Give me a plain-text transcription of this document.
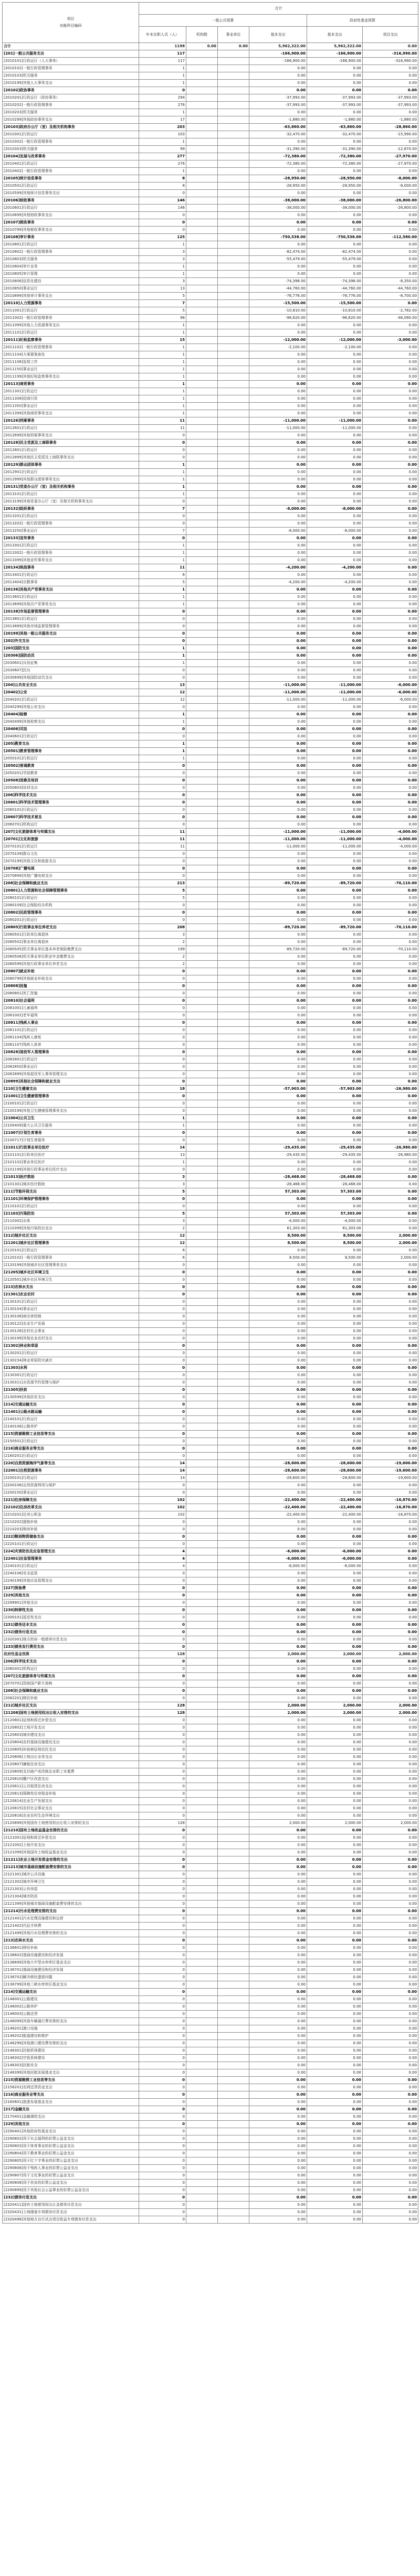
项目
功能科目编码	合计					
	一般公共预算				政府性基金预算	
	年末在职人员（人）	机构数	事业单位	基本支出	基本支出	项目支出
合计	1198	0.00	0.00	5,962,322.00	5,962,322.00	0.00
[201]一般公共服务支出	117			-166,900.00	-166,900.00	-316,990.00
[2010101]行政运行（人大事务）	117			-166,900.00	-166,900.00	-316,990.00
[2010102]一般行政管理事务	1			0.00	0.00	0.00
[2010103]机关服务	1			0.00	0.00	0.00
[2010199]其他人大事务支出	1			0.00	0.00	0.00
[20102]政协事务	0			0.00	0.00	0.00
[2010201]行政运行（政协事务）	294			-37,993.00	-37,993.00	-37,993.00
[2010202]一般行政管理事务	276			-37,993.00	-37,993.00	-37,993.00
[2010203]机关服务	1			0.00	0.00	0.00
[2010299]其他政协事务支出	17			-1,880.00	-1,880.00	-1,880.00
[20103]政府办公厅（室）及相关机构事务	203			-63,860.00	-63,860.00	-28,860.00
[2010301]行政运行	103			-32,470.00	-32,470.00	-15,990.00
[2010302]一般行政管理事务	1			0.00	0.00	0.00
[2010303]机关服务	99			-31,390.00	-31,390.00	-12,870.00
[20104]发展与改革事务	277			-72,380.00	-72,380.00	-27,970.00
[2010401]行政运行	276			-72,380.00	-72,380.00	-27,970.00
[2010402]一般行政管理事务	1			0.00	0.00	0.00
[20105]统计信息事务	8			-28,950.00	-28,950.00	-8,000.00
[2010501]行政运行	8			-28,950.00	-28,950.00	-8,000.00
[2010599]其他统计信息事务支出	0			0.00	0.00	0.00
[20106]财政事务	146			-38,000.00	-38,000.00	-26,800.00
[2010601]行政运行	146			-38,000.00	-38,000.00	-26,800.00
[2010699]其他财政事务支出	0			0.00	0.00	0.00
[20107]税收事务	0			0.00	0.00	0.00
[2010799]其他税收事务支出	0			0.00	0.00	0.00
[20108]审计事务	125			-750,538.00	-750,538.00	-112,580.00
[2010801]行政运行	1			0.00	0.00	0.00
[2010802]一般行政管理事务	3			-82,474.00	-82,474.00	0.00
[2010803]机关服务	3			-55,479.00	-55,479.00	0.00
[2010804]审计业务	1			0.00	0.00	0.00
[2010805]审计管理	1			0.00	0.00	0.00
[2010806]信息化建设	3			-74,398.00	-74,398.00	-8,350.00
[2010850]事业运行	13			-44,760.00	-44,760.00	-44,760.00
[2010899]其他审计事务支出	5			-76,776.00	-76,776.00	-8,700.00
[20110]人力资源事务	7			-15,500.00	-15,500.00	0.00
[2011001]行政运行	5			-10,810.00	-10,810.00	-2,782.00
[2011002]一般行政管理事务	98			-96,620.00	-96,620.00	-46,090.00
[2011099]其他人力资源事务支出	1			0.00	0.00	0.00
[2011101]行政运行	1			0.00	0.00	0.00
[20111]纪检监察事务	15			-12,000.00	-12,000.00	-3,000.00
[2011102]一般行政管理事务	1			-2,100.00	-2,100.00	0.00
[2011104]大案要案查处	1			0.00	0.00	0.00
[2011106]巡视工作	1			0.00	0.00	0.00
[2011150]事业运行	1			0.00	0.00	0.00
[2011199]其他纪检监察事务支出	1			0.00	0.00	0.00
[20113]商贸事务	1			0.00	0.00	0.00
[2011301]行政运行	1			0.00	0.00	0.00
[2011308]招商引资	1			0.00	0.00	0.00
[2011350]事业运行	1			0.00	0.00	0.00
[2011399]其他商贸事务支出	1			0.00	0.00	0.00
[20126]档案事务	11			-11,000.00	-11,000.00	0.00
[2012601]行政运行	11			-11,000.00	-11,000.00	0.00
[2012699]其他档案事务支出	0			0.00	0.00	0.00
[20128]民主党派及工商联事务	0			0.00	0.00	0.00
[2012801]行政运行	0			0.00	0.00	0.00
[2012899]其他民主党派及工商联事务支出	0			0.00	0.00	0.00
[20129]群众团体事务	1			0.00	0.00	0.00
[2012901]行政运行	1			0.00	0.00	0.00
[2012999]其他群众团体事务支出	1			0.00	0.00	0.00
[20131]党委办公厅（室）及相关机构事务	1			0.00	0.00	0.00
[2013101]行政运行	1			0.00	0.00	0.00
[2013199]其他党委办公厅（室）及相关机构事务支出	0			0.00	0.00	0.00
[20132]组织事务	7			-8,000.00	-8,000.00	0.00
[2013201]行政运行	0			0.00	0.00	0.00
[2013202]一般行政管理事务	0			0.00	0.00	0.00
[2013250]事业运行	7			-8,000.00	-8,000.00	0.00
[20133]宣传事务	0			0.00	0.00	0.00
[2013301]行政运行	1			0.00	0.00	0.00
[2013302]一般行政管理事务	1			0.00	0.00	0.00
[2013399]其他宣传事务支出	1			0.00	0.00	0.00
[20134]统战事务	11			-4,200.00	-4,200.00	0.00
[2013401]行政运行	6			0.00	0.00	0.00
[2013404]宗教事务	5			-4,200.00	-4,200.00	0.00
[20136]其他共产党事务支出	1			0.00	0.00	0.00
[2013601]行政运行	1			0.00	0.00	0.00
[2013699]其他共产党事务支出	1			0.00	0.00	0.00
[20138]市场监督管理事务	0			0.00	0.00	0.00
[2013801]行政运行	0			0.00	0.00	0.00
[2013899]其他市场监督管理事务	0			0.00	0.00	0.00
[20199]其他一般公共服务支出	0			0.00	0.00	0.00
[202]外交支出	0			0.00	0.00	0.00
[203]国防支出	1			0.00	0.00	0.00
[20306]国防动员	1			0.00	0.00	0.00
[2030601]兵役征集	1			0.00	0.00	0.00
[2030607]民兵	0			0.00	0.00	0.00
[2030699]其他国防动员支出	0			0.00	0.00	0.00
[204]公共安全支出	13			-11,000.00	-11,000.00	-6,000.00
[20402]公安	12			-11,000.00	-11,000.00	-6,000.00
[2040201]行政运行	12			-11,000.00	-11,000.00	-6,000.00
[2040299]其他公安支出	0			0.00	0.00	0.00
[20404]检察	1			0.00	0.00	0.00
[2040499]其他检察支出	1			0.00	0.00	0.00
[20406]司法	0			0.00	0.00	0.00
[2040601]行政运行	0			0.00	0.00	0.00
[205]教育支出	1			0.00	0.00	0.00
[20501]教育管理事务	1			0.00	0.00	0.00
[2050101]行政运行	1			0.00	0.00	0.00
[20502]普通教育	0			0.00	0.00	0.00
[2050201]学前教育	0			0.00	0.00	0.00
[20508]进修及培训	0			0.00	0.00	0.00
[2050803]培训支出	0			0.00	0.00	0.00
[206]科学技术支出	0			0.00	0.00	0.00
[20601]科学技术管理事务	0			0.00	0.00	0.00
[2060101]行政运行	0			0.00	0.00	0.00
[20607]科学技术普及	0			0.00	0.00	0.00
[2060701]机构运行	0			0.00	0.00	0.00
[207]文化旅游体育与传媒支出	11			-11,000.00	-11,000.00	-4,000.00
[20701]文化和旅游	11			-11,000.00	-11,000.00	-4,000.00
[2070101]行政运行	11			-11,000.00	-11,000.00	-4,000.00
[2070109]群众文化	0			0.00	0.00	0.00
[2070199]其他文化和旅游支出	0			0.00	0.00	0.00
[20708]广播电视	0			0.00	0.00	0.00
[2070899]其他广播电视支出	0			0.00	0.00	0.00
[208]社会保障和就业支出	213			-89,720.00	-89,720.00	-70,110.00
[20801]人力资源和社会保障管理事务	5			0.00	0.00	0.00
[2080101]行政运行	5			0.00	0.00	0.00
[2080109]社会保险经办机构	0			0.00	0.00	0.00
[20802]民政管理事务	0			0.00	0.00	0.00
[2080201]行政运行	0			0.00	0.00	0.00
[20805]行政事业单位养老支出	208			-89,720.00	-89,720.00	-70,110.00
[2080501]行政单位离退休	3			0.00	0.00	0.00
[2080502]事业单位离退休	2			0.00	0.00	0.00
[2080505]机关事业单位基本养老保险缴费支出	199			-89,720.00	-89,720.00	-70,110.00
[2080506]机关事业单位职业年金缴费支出	2			0.00	0.00	0.00
[2080599]其他行政事业单位养老支出	2			0.00	0.00	0.00
[20807]就业补助	0			0.00	0.00	0.00
[2080799]其他就业补助支出	0			0.00	0.00	0.00
[20808]抚恤	0			0.00	0.00	0.00
[2080801]死亡抚恤	0			0.00	0.00	0.00
[20810]社会福利	0			0.00	0.00	0.00
[2081001]儿童福利	0			0.00	0.00	0.00
[2081002]老年福利	0			0.00	0.00	0.00
[20811]残疾人事业	0			0.00	0.00	0.00
[2081101]行政运行	0			0.00	0.00	0.00
[2081104]残疾人康复	0			0.00	0.00	0.00
[2081107]残疾人体育	0			0.00	0.00	0.00
[20828]退役军人管理事务	0			0.00	0.00	0.00
[2082801]行政运行	0			0.00	0.00	0.00
[2082850]事业运行	0			0.00	0.00	0.00
[2082899]其他退役军人事务管理支出	0			0.00	0.00	0.00
[20899]其他社会保障和就业支出	0			0.00	0.00	0.00
[210]卫生健康支出	18			-57,903.00	-57,903.00	-26,980.00
[21001]卫生健康管理事务	0			0.00	0.00	0.00
[2100101]行政运行	0			0.00	0.00	0.00
[2100199]其他卫生健康管理事务支出	0			0.00	0.00	0.00
[21004]公共卫生	1			0.00	0.00	0.00
[2100409]重大公共卫生服务	1			0.00	0.00	0.00
[21007]计划生育事务	0			0.00	0.00	0.00
[2100717]计划生育服务	0			0.00	0.00	0.00
[21011]行政事业单位医疗	14			-29,435.00	-29,435.00	-26,980.00
[2101101]行政单位医疗	13			-29,435.00	-29,435.00	-26,980.00
[2101102]事业单位医疗	1			0.00	0.00	0.00
[2101199]其他行政事业单位医疗支出	0			0.00	0.00	0.00
[21013]医疗救助	3			-28,468.00	-28,468.00	0.00
[2101301]城乡医疗救助	3			-28,468.00	-28,468.00	0.00
[211]节能环保支出	5			57,303.00	57,303.00	0.00
[21101]环境保护管理事务	0			0.00	0.00	0.00
[2110101]行政运行	0			0.00	0.00	0.00
[21103]污染防治	5			57,303.00	57,303.00	0.00
[2110302]水体	3			-4,000.00	-4,000.00	0.00
[2110399]其他污染防治支出	2			61,303.00	61,303.00	0.00
[212]城乡社区支出	12			8,500.00	8,500.00	2,000.00
[21201]城乡社区管理事务	12			8,500.00	8,500.00	2,000.00
[2120101]行政运行	6			0.00	0.00	0.00
[2120102]一般行政管理事务	6			8,500.00	8,500.00	2,000.00
[2120199]其他城乡社区管理事务支出	0			0.00	0.00	0.00
[21205]城乡社区环境卫生	0			0.00	0.00	0.00
[2120501]城乡社区环境卫生	0			0.00	0.00	0.00
[213]农林水支出	0			0.00	0.00	0.00
[21301]农业农村	0			0.00	0.00	0.00
[2130101]行政运行	0			0.00	0.00	0.00
[2130104]事业运行	0			0.00	0.00	0.00
[2130108]病虫害控制	0			0.00	0.00	0.00
[2130122]农业生产发展	0			0.00	0.00	0.00
[2130126]农村社会事业	0			0.00	0.00	0.00
[2130199]其他农业农村支出	0			0.00	0.00	0.00
[21302]林业和草原	0			0.00	0.00	0.00
[2130201]行政运行	0			0.00	0.00	0.00
[2130234]林业草原防灾减灾	0			0.00	0.00	0.00
[21303]水利	0			0.00	0.00	0.00
[2130301]行政运行	0			0.00	0.00	0.00
[2130311]水资源节约管理与保护	0			0.00	0.00	0.00
[21305]扶贫	0			0.00	0.00	0.00
[2130599]其他扶贫支出	0			0.00	0.00	0.00
[214]交通运输支出	0			0.00	0.00	0.00
[21401]公路水路运输	0			0.00	0.00	0.00
[2140101]行政运行	0			0.00	0.00	0.00
[2140106]公路养护	0			0.00	0.00	0.00
[215]资源勘探工业信息等支出	0			0.00	0.00	0.00
[2150501]行政运行	0			0.00	0.00	0.00
[216]商业服务业等支出	0			0.00	0.00	0.00
[2160201]行政运行	0			0.00	0.00	0.00
[220]自然资源海洋气象等支出	14			-28,600.00	-28,600.00	-19,600.00
[22001]自然资源事务	14			-28,600.00	-28,600.00	-19,600.00
[2200101]行政运行	14			-28,600.00	-28,600.00	-19,600.00
[2200106]自然资源利用与保护	0			0.00	0.00	0.00
[2200150]事业运行	0			0.00	0.00	0.00
[221]住房保障支出	102			-22,400.00	-22,400.00	-16,870.00
[22102]住房改革支出	102			-22,400.00	-22,400.00	-16,870.00
[2210201]住房公积金	102			-22,400.00	-22,400.00	-16,870.00
[2210202]提租补贴	0			0.00	0.00	0.00
[2210203]购房补贴	0			0.00	0.00	0.00
[222]粮油物资储备支出	0			0.00	0.00	0.00
[2220101]行政运行	0			0.00	0.00	0.00
[224]灾害防治及应急管理支出	4			-6,000.00	-6,000.00	0.00
[22401]应急管理事务	4			-6,000.00	-6,000.00	0.00
[2240101]行政运行	4			-6,000.00	-6,000.00	0.00
[2240106]安全监管	0			0.00	0.00	0.00
[2240199]其他应急管理支出	0			0.00	0.00	0.00
[227]预备费	0			0.00	0.00	0.00
[229]其他支出	0			0.00	0.00	0.00
[2299901]其他支出	0			0.00	0.00	0.00
[230]转移性支出	0			0.00	0.00	0.00
[2300101]返还性支出	0			0.00	0.00	0.00
[231]债务还本支出	0			0.00	0.00	0.00
[232]债务付息支出	0			0.00	0.00	0.00
[2320301]地方政府一般债务付息支出	0			0.00	0.00	0.00
[233]债务发行费用支出	0			0.00	0.00	0.00
政府性基金预算	128			2,000.00	2,000.00	2,000.00
[206]科学技术支出	0			0.00	0.00	0.00
[2060301]机构运行	0			0.00	0.00	0.00
[207]文化旅游体育与传媒支出	0			0.00	0.00	0.00
[2070701]资助国产影片放映	0			0.00	0.00	0.00
[208]社会保障和就业支出	0			0.00	0.00	0.00
[2082201]移民补助	0			0.00	0.00	0.00
[212]城乡社区支出	128			2,000.00	2,000.00	2,000.00
[21208]国有土地使用权出让收入安排的支出	128			2,000.00	2,000.00	2,000.00
[2120801]征地和拆迁补偿支出	0			0.00	0.00	0.00
[2120802]土地开发支出	0			0.00	0.00	0.00
[2120803]城市建设支出	0			0.00	0.00	0.00
[2120804]农村基础设施建设支出	0			0.00	0.00	0.00
[2120805]补助被征地农民支出	0			0.00	0.00	0.00
[2120806]土地出让业务支出	0			0.00	0.00	0.00
[2120807]廉租住房支出	0			0.00	0.00	0.00
[2120809]支付破产或改制企业职工安置费	0			0.00	0.00	0.00
[2120810]棚户区改造支出	0			0.00	0.00	0.00
[2120811]公共租赁住房支出	0			0.00	0.00	0.00
[2120813]保障性住房租金补贴	0			0.00	0.00	0.00
[2120814]农业生产发展支出	0			0.00	0.00	0.00
[2120815]农村社会事业支出	0			0.00	0.00	0.00
[2120816]农业农村生态环境支出	0			0.00	0.00	0.00
[2120899]其他国有土地使用权出让收入安排的支出	128			2,000.00	2,000.00	2,000.00
[21210]国有土地收益基金安排的支出	0			0.00	0.00	0.00
[2121001]征地和拆迁补偿支出	0			0.00	0.00	0.00
[2121002]土地开发支出	0			0.00	0.00	0.00
[2121099]其他国有土地收益基金支出	0			0.00	0.00	0.00
[21211]农业土地开发资金安排的支出	0			0.00	0.00	0.00
[21213]城市基础设施配套费安排的支出	0			0.00	0.00	0.00
[2121301]城市公共设施	0			0.00	0.00	0.00
[2121302]城市环境卫生	0			0.00	0.00	0.00
[2121303]公有房屋	0			0.00	0.00	0.00
[2121304]城市防洪	0			0.00	0.00	0.00
[2121399]其他城市基础设施配套费安排的支出	0			0.00	0.00	0.00
[21214]污水处理费安排的支出	0			0.00	0.00	0.00
[2121401]污水处理设施建设和运营	0			0.00	0.00	0.00
[2121402]代征手续费	0			0.00	0.00	0.00
[2121499]其他污水处理费安排的支出	0			0.00	0.00	0.00
[213]农林水支出	0			0.00	0.00	0.00
[2136601]移民补助	0			0.00	0.00	0.00
[2136602]基础设施建设和经济发展	0			0.00	0.00	0.00
[2136699]其他大中型水库库区基金支出	0			0.00	0.00	0.00
[2136701]基础设施建设和经济发展	0			0.00	0.00	0.00
[2136702]解决移民遗留问题	0			0.00	0.00	0.00
[2136799]其他三峡水库库区基金支出	0			0.00	0.00	0.00
[214]交通运输支出	0			0.00	0.00	0.00
[2146001]公路建设	0			0.00	0.00	0.00
[2146002]公路养护	0			0.00	0.00	0.00
[2146003]公路还贷	0			0.00	0.00	0.00
[2146099]其他车辆通行费安排的支出	0			0.00	0.00	0.00
[2146201]港口设施	0			0.00	0.00	0.00
[2146202]航道建设和维护	0			0.00	0.00	0.00
[2146299]其他港口建设费安排的支出	0			0.00	0.00	0.00
[2146301]民航机场建设	0			0.00	0.00	0.00
[2146302]空管系统建设	0			0.00	0.00	0.00
[2146303]民航安全	0			0.00	0.00	0.00
[2146399]其他民航发展基金支出	0			0.00	0.00	0.00
[215]资源勘探工业信息等支出	0			0.00	0.00	0.00
[2156201]农网还贷资金支出	0			0.00	0.00	0.00
[216]商业服务业等支出	0			0.00	0.00	0.00
[2160601]旅游发展基金支出	0			0.00	0.00	0.00
[217]金融支出	0			0.00	0.00	0.00
[2170401]金融调控支出	0			0.00	0.00	0.00
[229]其他支出	0			0.00	0.00	0.00
[2290401]其他政府性基金支出	0			0.00	0.00	0.00
[2290802]用于社会福利的彩票公益金支出	0			0.00	0.00	0.00
[2290803]用于体育事业的彩票公益金支出	0			0.00	0.00	0.00
[2290804]用于教育事业的彩票公益金支出	0			0.00	0.00	0.00
[2290805]用于红十字事业的彩票公益金支出	0			0.00	0.00	0.00
[2290806]用于残疾人事业的彩票公益金支出	0			0.00	0.00	0.00
[2290807]用于文化事业的彩票公益金支出	0			0.00	0.00	0.00
[2290808]用于扶贫的彩票公益金支出	0			0.00	0.00	0.00
[2290899]用于其他社会公益事业的彩票公益金支出	0			0.00	0.00	0.00
[232]债务付息支出	0			0.00	0.00	0.00
[2320411]国有土地使用权出让金债务付息支出	0			0.00	0.00	0.00
[2320431]土地储备专项债券付息支出	0			0.00	0.00	0.00
[2320498]其他地方自行试点项目收益专项债券付息支出	0			0.00	0.00	0.00
